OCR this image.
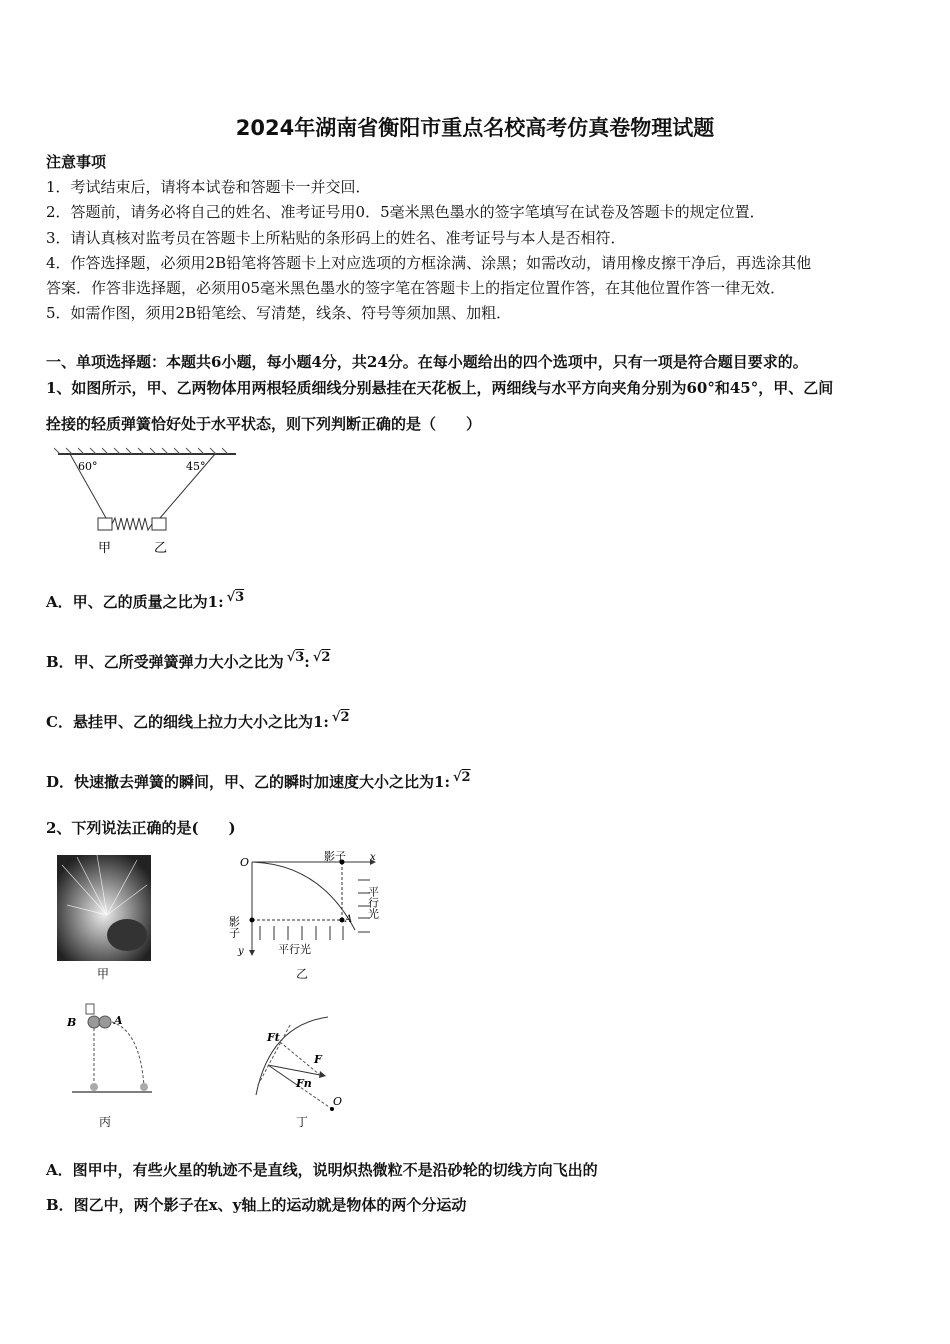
2024年湖南省衡阳市重点名校高考仿真卷物理试题
注意事项
1．考试结束后，请将本试卷和答题卡一并交回．
2．答题前，请务必将自己的姓名、准考证号用0．5毫米黑色墨水的签字笔填写在试卷及答题卡的规定位置．
3．请认真核对监考员在答题卡上所粘贴的条形码上的姓名、准考证号与本人是否相符．
4．作答选择题，必须用2B铅笔将答题卡上对应选项的方框涂满、涂黑；如需改动，请用橡皮擦干净后，再选涂其他
答案．作答非选择题，必须用05毫米黑色墨水的签字笔在答题卡上的指定位置作答，在其他位置作答一律无效．
5．如需作图，须用2B铅笔绘、写清楚，线条、符号等须加黑、加粗．
一、单项选择题：本题共6小题，每小题4分，共24分。在每小题给出的四个选项中，只有一项是符合题目要求的。
1、如图所示，甲、乙两物体用两根轻质细线分别悬挂在天花板上，两细线与水平方向夹角分别为60°和45°，甲、乙间
拴接的轻质弹簧恰好处于水平状态，则下列判断正确的是（　　）
60°	45°
甲	乙
A．甲、乙的质量之比为1: √3
B．甲、乙所受弹簧弹力大小之比为 √3: √2
C．悬挂甲、乙的细线上拉力大小之比为1: √2
D．快速撤去弹簧的瞬间，甲、乙的瞬时加速度大小之比为1: √2
2、下列说法正确的是(　　)
甲
O	x
y
影子
A
影子
平行光
平行光
乙
B	A
丙
Ft
F
Fn
O
丁
A．图甲中，有些火星的轨迹不是直线，说明炽热微粒不是沿砂轮的切线方向飞出的
B．图乙中，两个影子在x、y轴上的运动就是物体的两个分运动
